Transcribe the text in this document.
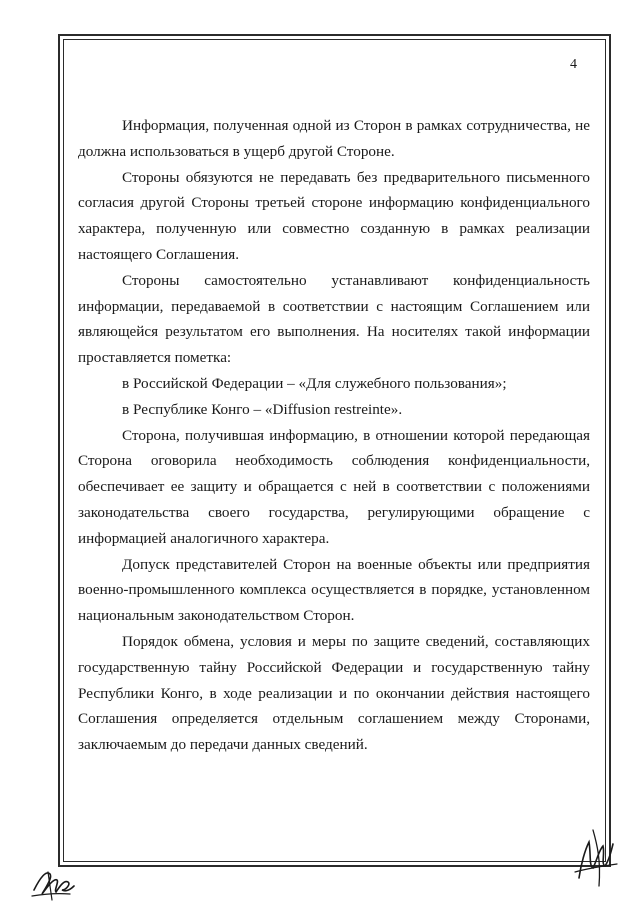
4

Информация, полученная одной из Сторон в рамках сотрудничества, не должна использоваться в ущерб другой Стороне.

Стороны обязуются не передавать без предварительного письменного согласия другой Стороны третьей стороне информацию конфиденциального характера, полученную или совместно созданную в рамках реализации настоящего Соглашения.

Стороны самостоятельно устанавливают конфиденциальность информации, передаваемой в соответствии с настоящим Соглашением или являющейся результатом его выполнения. На носителях такой информации проставляется пометка:

в Российской Федерации – «Для служебного пользования»;

в Республике Конго – «Diffusion restreinte».

Сторона, получившая информацию, в отношении которой передающая Сторона оговорила необходимость соблюдения конфиденциальности, обеспечивает ее защиту и обращается с ней в соответствии с положениями законодательства своего государства, регулирующими обращение с информацией аналогичного характера.

Допуск представителей Сторон на военные объекты или предприятия военно-промышленного комплекса осуществляется в порядке, установленном национальным законодательством Сторон.

Порядок обмена, условия и меры по защите сведений, составляющих государственную тайну Российской Федерации и государственную тайну Республики Конго, в ходе реализации и по окончании действия настоящего Соглашения определяется отдельным соглашением между Сторонами, заключаемым до передачи данных сведений.
